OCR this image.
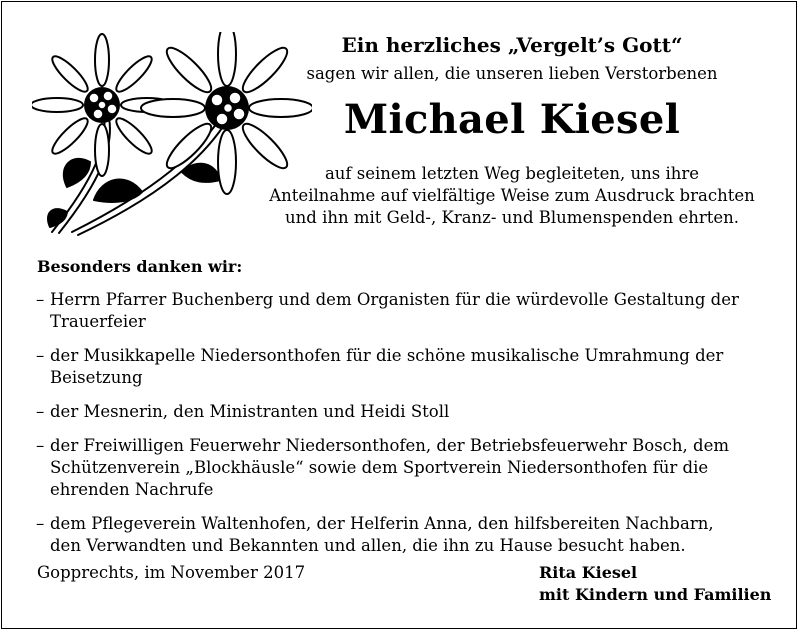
Ein herzliches „Vergelt’s Gott“
sagen wir allen, die unseren lieben Verstorbenen
Michael Kiesel
auf seinem letzten Weg begleiteten, uns ihre
Anteilnahme auf vielfältige Weise zum Ausdruck brachten
und ihn mit Geld-, Kranz- und Blumenspenden ehrten.
Besonders danken wir:
– Herrn Pfarrer Buchenberg und dem Organisten für die würdevolle Gestaltung der
Trauerfeier
– der Musikkapelle Niedersonthofen für die schöne musikalische Umrahmung der
Beisetzung
– der Mesnerin, den Ministranten und Heidi Stoll
– der Freiwilligen Feuerwehr Niedersonthofen, der Betriebsfeuerwehr Bosch, dem
Schützenverein „Blockhäusle“ sowie dem Sportverein Niedersonthofen für die
ehrenden Nachrufe
– dem Pflegeverein Waltenhofen, der Helferin Anna, den hilfsbereiten Nachbarn,
den Verwandten und Bekannten und allen, die ihn zu Hause besucht haben.
Gopprechts, im November 2017	Rita Kiesel
mit Kindern und Familien
